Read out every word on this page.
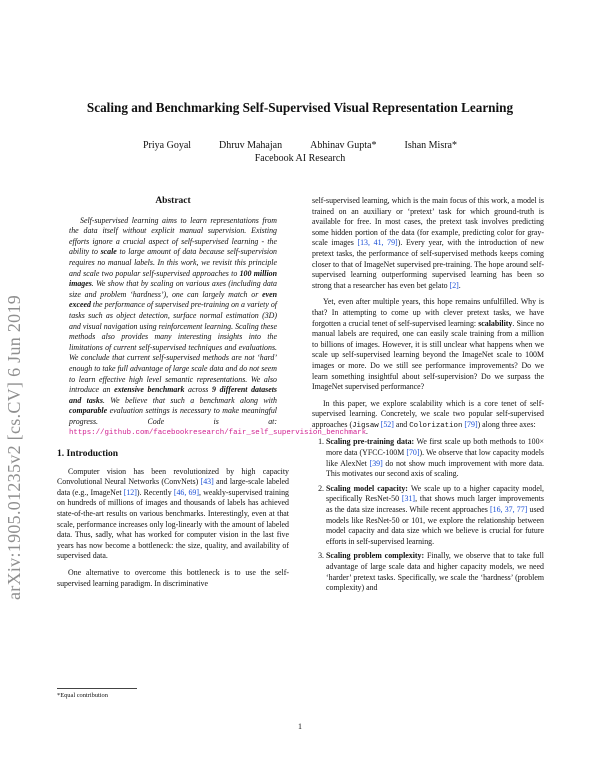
arXiv:1905.01235v2 [cs.CV] 6 Jun 2019
Scaling and Benchmarking Self-Supervised Visual Representation Learning
Priya Goyal	Dhruv Mahajan	Abhinav Gupta*	Ishan Misra*
Facebook AI Research
Abstract

Self-supervised learning aims to learn representations from the data itself without explicit manual supervision. Existing efforts ignore a crucial aspect of self-supervised learning - the ability to scale to large amount of data because self-supervision requires no manual labels. In this work, we revisit this principle and scale two popular self-supervised approaches to 100 million images. We show that by scaling on various axes (including data size and problem ‘hardness’), one can largely match or even exceed the performance of supervised pre-training on a variety of tasks such as object detection, surface normal estimation (3D) and visual navigation using reinforcement learning. Scaling these methods also provides many interesting insights into the limitations of current self-supervised techniques and evaluations. We conclude that current self-supervised methods are not ‘hard’ enough to take full advantage of large scale data and do not seem to learn effective high level semantic representations. We also introduce an extensive benchmark across 9 different datasets and tasks. We believe that such a benchmark along with comparable evaluation settings is necessary to make meaningful progress. Code is at: https://github.com/facebookresearch/fair_self_supervision_benchmark.

1. Introduction

Computer vision has been revolutionized by high capacity Convolutional Neural Networks (ConvNets) [43] and large-scale labeled data (e.g., ImageNet [12]). Recently [46, 69], weakly-supervised training on hundreds of millions of images and thousands of labels has achieved state-of-the-art results on various benchmarks. Interestingly, even at that scale, performance increases only log-linearly with the amount of labeled data. Thus, sadly, what has worked for computer vision in the last five years has now become a bottleneck: the size, quality, and availability of supervised data.

One alternative to overcome this bottleneck is to use the self-supervised learning paradigm. In discriminative

self-supervised learning, which is the main focus of this work, a model is trained on an auxiliary or ‘pretext’ task for which ground-truth is available for free. In most cases, the pretext task involves predicting some hidden portion of the data (for example, predicting color for gray-scale images [13, 41, 79]). Every year, with the introduction of new pretext tasks, the performance of self-supervised methods keeps coming closer to that of ImageNet supervised pre-training. The hope around self-supervised learning outperforming supervised learning has been so strong that a researcher has even bet gelato [2].

Yet, even after multiple years, this hope remains unfulfilled. Why is that? In attempting to come up with clever pretext tasks, we have forgotten a crucial tenet of self-supervised learning: scalability. Since no manual labels are required, one can easily scale training from a million to billions of images. However, it is still unclear what happens when we scale up self-supervised learning beyond the ImageNet scale to 100M images or more. Do we still see performance improvements? Do we learn something insightful about self-supervision? Do we surpass the ImageNet supervised performance?

In this paper, we explore scalability which is a core tenet of self-supervised learning. Concretely, we scale two popular self-supervised approaches (Jigsaw [52] and Colorization [79]) along three axes:

1. Scaling pre-training data: We first scale up both methods to 100× more data (YFCC-100M [70]). We observe that low capacity models like AlexNet [39] do not show much improvement with more data. This motivates our second axis of scaling.
2. Scaling model capacity: We scale up to a higher capacity model, specifically ResNet-50 [31], that shows much larger improvements as the data size increases. While recent approaches [16, 37, 77] used models like ResNet-50 or 101, we explore the relationship between model capacity and data size which we believe is crucial for future efforts in self-supervised learning.
3. Scaling problem complexity: Finally, we observe that to take full advantage of large scale data and higher capacity models, we need ‘harder’ pretext tasks. Specifically, we scale the ‘hardness’ (problem complexity) and
*Equal contribution
1
